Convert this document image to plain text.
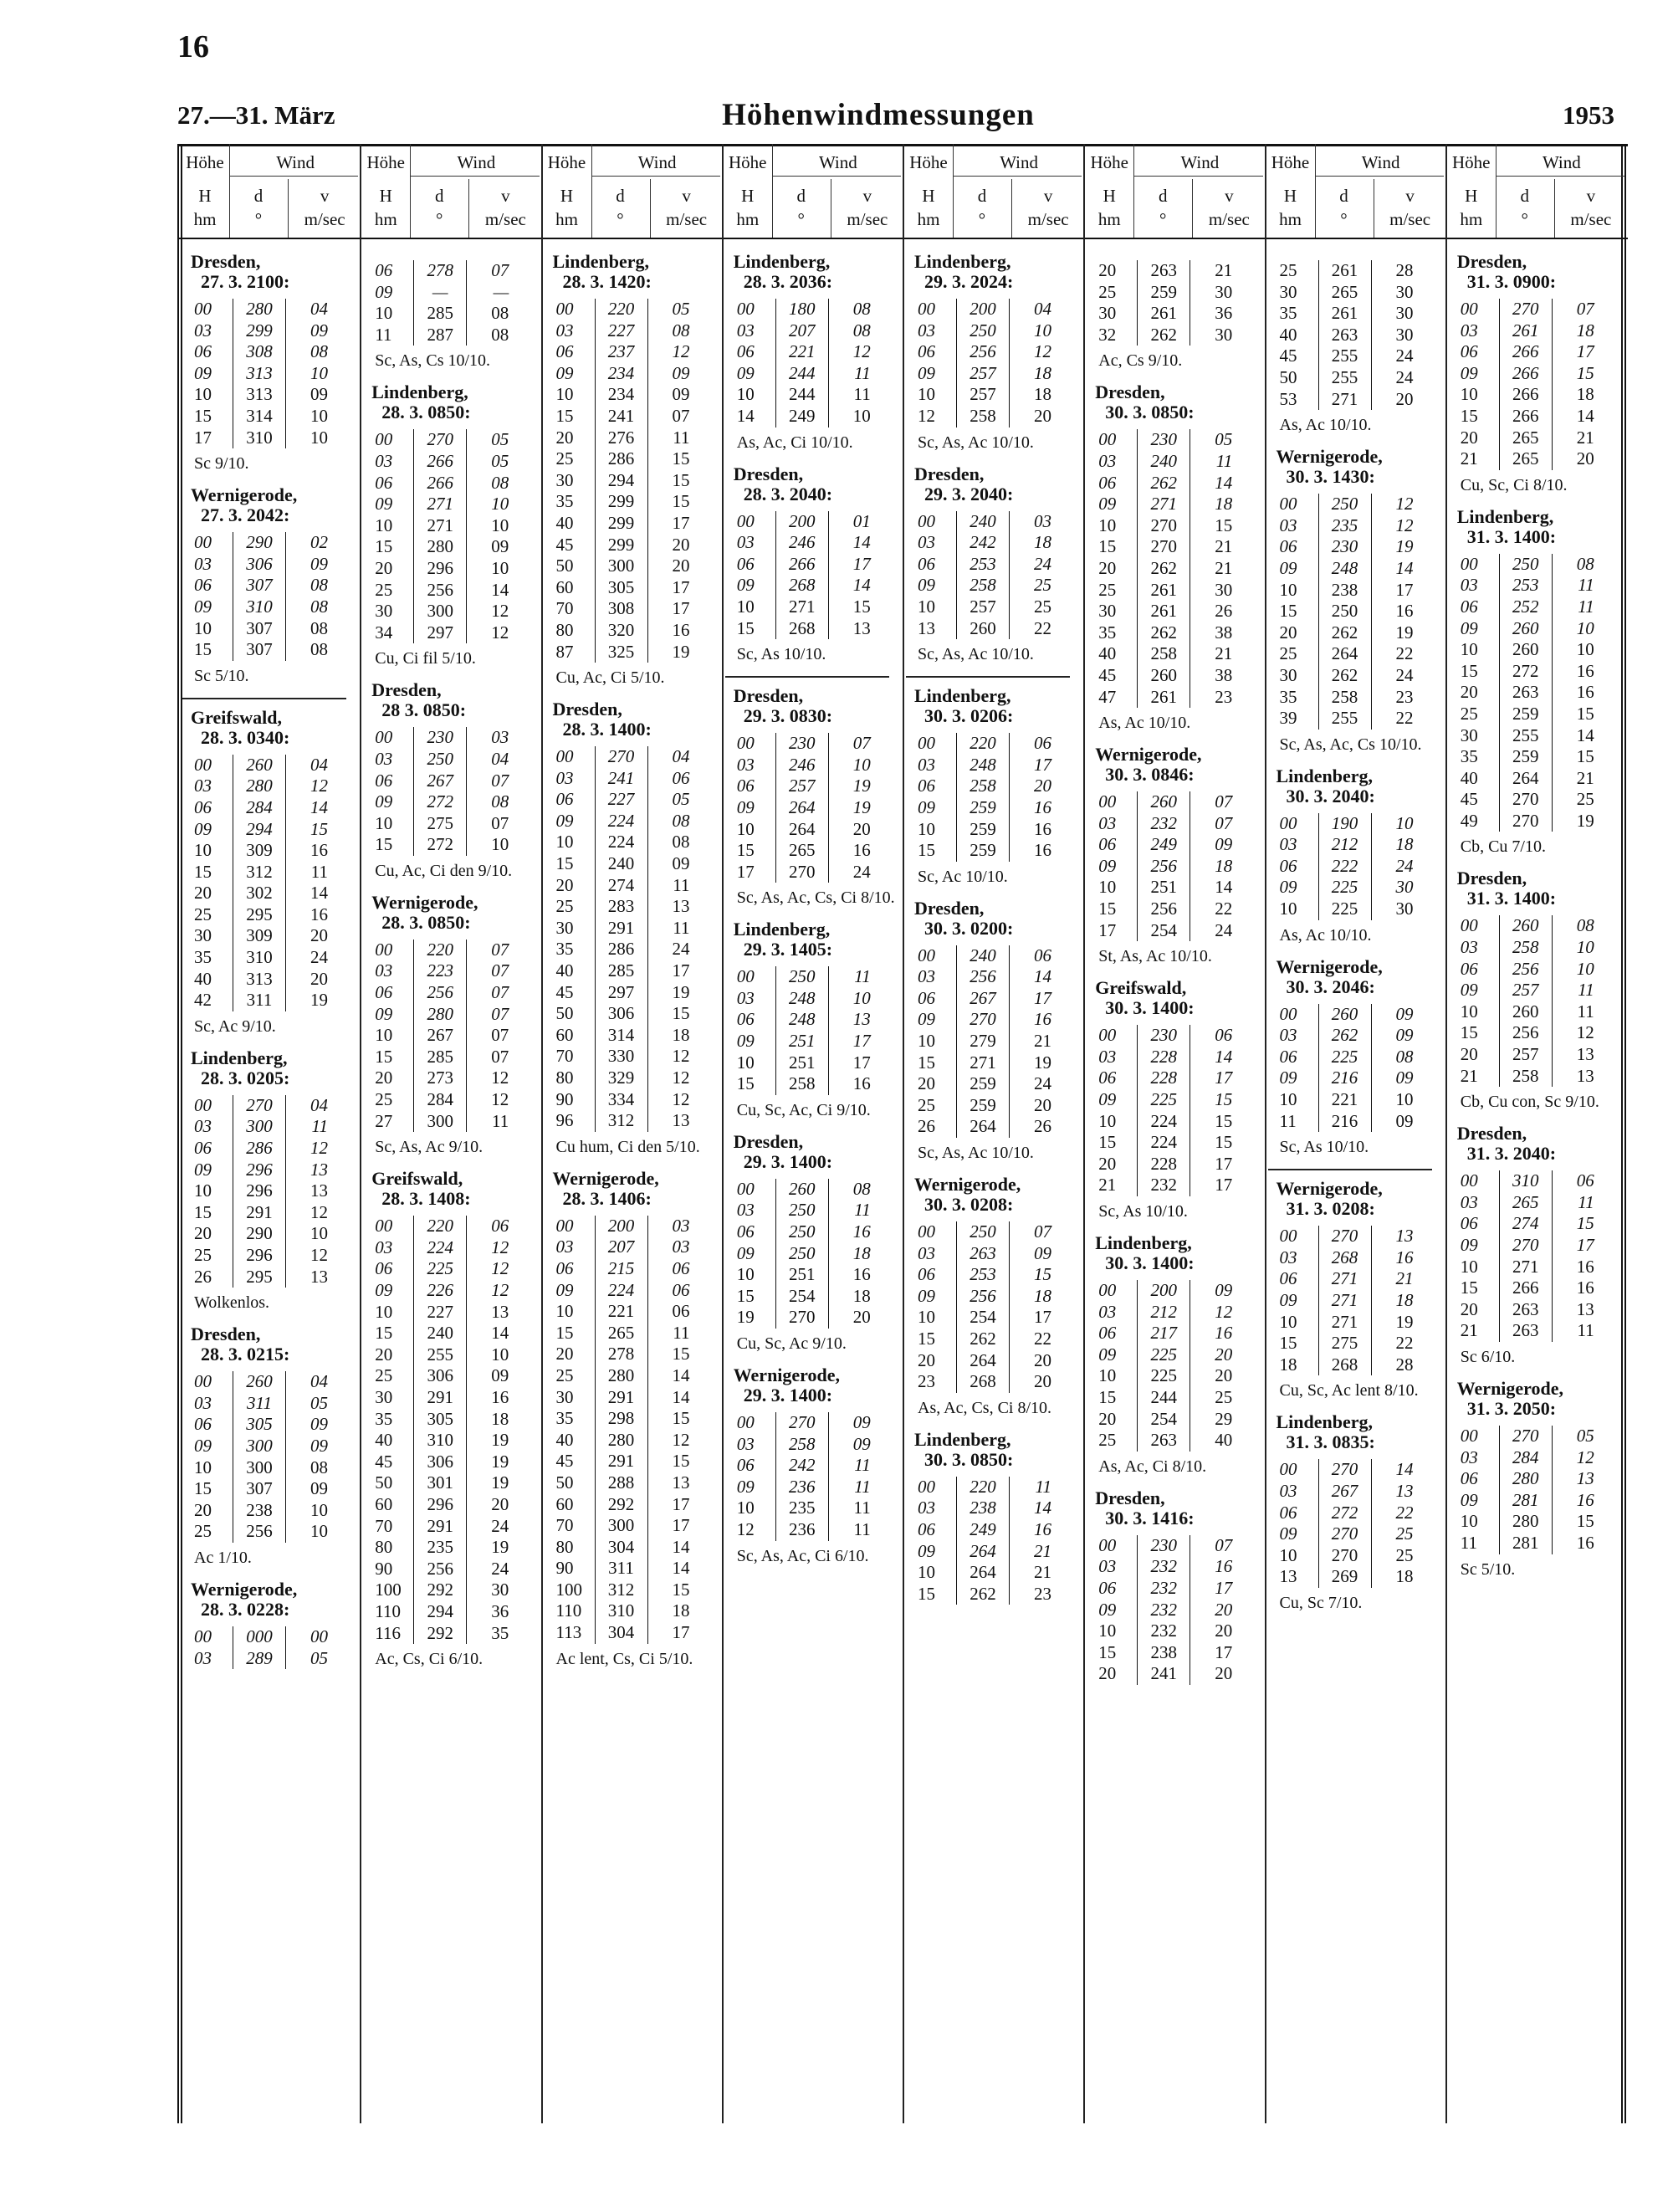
16
27.—31. März	Höhenwindmessungen	1953
Höhe	Wind
H
hm
d
°
v
m/sec
Dresden,
27. 3. 2100:
00	280	04
03	299	09
06	308	08
09	313	10
10	313	09
15	314	10
17	310	10
Sc 9/10.
Wernigerode,
27. 3. 2042:
00	290	02
03	306	09
06	307	08
09	310	08
10	307	08
15	307	08
Sc 5/10.
Greifswald,
28. 3. 0340:
00	260	04
03	280	12
06	284	14
09	294	15
10	309	16
15	312	11
20	302	14
25	295	16
30	309	20
35	310	24
40	313	20
42	311	19
Sc, Ac 9/10.
Lindenberg,
28. 3. 0205:
00	270	04
03	300	11
06	286	12
09	296	13
10	296	13
15	291	12
20	290	10
25	296	12
26	295	13
Wolkenlos.
Dresden,
28. 3. 0215:
00	260	04
03	311	05
06	305	09
09	300	09
10	300	08
15	307	09
20	238	10
25	256	10
Ac 1/10.
Wernigerode,
28. 3. 0228:
00	000	00
03	289	05
Höhe	Wind
H
hm
d
°
v
m/sec
06	278	07
09	—	—
10	285	08
11	287	08
Sc, As, Cs 10/10.
Lindenberg,
28. 3. 0850:
00	270	05
03	266	05
06	266	08
09	271	10
10	271	10
15	280	09
20	296	10
25	256	14
30	300	12
34	297	12
Cu, Ci fil 5/10.
Dresden,
28 3. 0850:
00	230	03
03	250	04
06	267	07
09	272	08
10	275	07
15	272	10
Cu, Ac, Ci den 9/10.
Wernigerode,
28. 3. 0850:
00	220	07
03	223	07
06	256	07
09	280	07
10	267	07
15	285	07
20	273	12
25	284	12
27	300	11
Sc, As, Ac 9/10.
Greifswald,
28. 3. 1408:
00	220	06
03	224	12
06	225	12
09	226	12
10	227	13
15	240	14
20	255	10
25	306	09
30	291	16
35	305	18
40	310	19
45	306	19
50	301	19
60	296	20
70	291	24
80	235	19
90	256	24
100	292	30
110	294	36
116	292	35
Ac, Cs, Ci 6/10.
Höhe	Wind
H
hm
d
°
v
m/sec
Lindenberg,
28. 3. 1420:
00	220	05
03	227	08
06	237	12
09	234	09
10	234	09
15	241	07
20	276	11
25	286	15
30	294	15
35	299	15
40	299	17
45	299	20
50	300	20
60	305	17
70	308	17
80	320	16
87	325	19
Cu, Ac, Ci 5/10.
Dresden,
28. 3. 1400:
00	270	04
03	241	06
06	227	05
09	224	08
10	224	08
15	240	09
20	274	11
25	283	13
30	291	11
35	286	24
40	285	17
45	297	19
50	306	15
60	314	18
70	330	12
80	329	12
90	334	12
96	312	13
Cu hum, Ci den 5/10.
Wernigerode,
28. 3. 1406:
00	200	03
03	207	03
06	215	06
09	224	06
10	221	06
15	265	11
20	278	15
25	280	14
30	291	14
35	298	15
40	280	12
45	291	15
50	288	13
60	292	17
70	300	17
80	304	14
90	311	14
100	312	15
110	310	18
113	304	17
Ac lent, Cs, Ci 5/10.
Höhe	Wind
H
hm
d
°
v
m/sec
Lindenberg,
28. 3. 2036:
00	180	08
03	207	08
06	221	12
09	244	11
10	244	11
14	249	10
As, Ac, Ci 10/10.
Dresden,
28. 3. 2040:
00	200	01
03	246	14
06	266	17
09	268	14
10	271	15
15	268	13
Sc, As 10/10.
Dresden,
29. 3. 0830:
00	230	07
03	246	10
06	257	19
09	264	19
10	264	20
15	265	16
17	270	24
Sc, As, Ac, Cs, Ci 8/10.
Lindenberg,
29. 3. 1405:
00	250	11
03	248	10
06	248	13
09	251	17
10	251	17
15	258	16
Cu, Sc, Ac, Ci 9/10.
Dresden,
29. 3. 1400:
00	260	08
03	250	11
06	250	16
09	250	18
10	251	16
15	254	18
19	270	20
Cu, Sc, Ac 9/10.
Wernigerode,
29. 3. 1400:
00	270	09
03	258	09
06	242	11
09	236	11
10	235	11
12	236	11
Sc, As, Ac, Ci 6/10.
Höhe	Wind
H
hm
d
°
v
m/sec
Lindenberg,
29. 3. 2024:
00	200	04
03	250	10
06	256	12
09	257	18
10	257	18
12	258	20
Sc, As, Ac 10/10.
Dresden,
29. 3. 2040:
00	240	03
03	242	18
06	253	24
09	258	25
10	257	25
13	260	22
Sc, As, Ac 10/10.
Lindenberg,
30. 3. 0206:
00	220	06
03	248	17
06	258	20
09	259	16
10	259	16
15	259	16
Sc, Ac 10/10.
Dresden,
30. 3. 0200:
00	240	06
03	256	14
06	267	17
09	270	16
10	279	21
15	271	19
20	259	24
25	259	20
26	264	26
Sc, As, Ac 10/10.
Wernigerode,
30. 3. 0208:
00	250	07
03	263	09
06	253	15
09	256	18
10	254	17
15	262	22
20	264	20
23	268	20
As, Ac, Cs, Ci 8/10.
Lindenberg,
30. 3. 0850:
00	220	11
03	238	14
06	249	16
09	264	21
10	264	21
15	262	23
Höhe	Wind
H
hm
d
°
v
m/sec
20	263	21
25	259	30
30	261	36
32	262	30
Ac, Cs 9/10.
Dresden,
30. 3. 0850:
00	230	05
03	240	11
06	262	14
09	271	18
10	270	15
15	270	21
20	262	21
25	261	30
30	261	26
35	262	38
40	258	21
45	260	38
47	261	23
As, Ac 10/10.
Wernigerode,
30. 3. 0846:
00	260	07
03	232	07
06	249	09
09	256	18
10	251	14
15	256	22
17	254	24
St, As, Ac 10/10.
Greifswald,
30. 3. 1400:
00	230	06
03	228	14
06	228	17
09	225	15
10	224	15
15	224	15
20	228	17
21	232	17
Sc, As 10/10.
Lindenberg,
30. 3. 1400:
00	200	09
03	212	12
06	217	16
09	225	20
10	225	20
15	244	25
20	254	29
25	263	40
As, Ac, Ci 8/10.
Dresden,
30. 3. 1416:
00	230	07
03	232	16
06	232	17
09	232	20
10	232	20
15	238	17
20	241	20
Höhe	Wind
H
hm
d
°
v
m/sec
25	261	28
30	265	30
35	261	30
40	263	30
45	255	24
50	255	24
53	271	20
As, Ac 10/10.
Wernigerode,
30. 3. 1430:
00	250	12
03	235	12
06	230	19
09	248	14
10	238	17
15	250	16
20	262	19
25	264	22
30	262	24
35	258	23
39	255	22
Sc, As, Ac, Cs 10/10.
Lindenberg,
30. 3. 2040:
00	190	10
03	212	18
06	222	24
09	225	30
10	225	30
As, Ac 10/10.
Wernigerode,
30. 3. 2046:
00	260	09
03	262	09
06	225	08
09	216	09
10	221	10
11	216	09
Sc, As 10/10.
Wernigerode,
31. 3. 0208:
00	270	13
03	268	16
06	271	21
09	271	18
10	271	19
15	275	22
18	268	28
Cu, Sc, Ac lent 8/10.
Lindenberg,
31. 3. 0835:
00	270	14
03	267	13
06	272	22
09	270	25
10	270	25
13	269	18
Cu, Sc 7/10.
Höhe	Wind
H
hm
d
°
v
m/sec
Dresden,
31. 3. 0900:
00	270	07
03	261	18
06	266	17
09	266	15
10	266	18
15	266	14
20	265	21
21	265	20
Cu, Sc, Ci 8/10.
Lindenberg,
31. 3. 1400:
00	250	08
03	253	11
06	252	11
09	260	10
10	260	10
15	272	16
20	263	16
25	259	15
30	255	14
35	259	15
40	264	21
45	270	25
49	270	19
Cb, Cu 7/10.
Dresden,
31. 3. 1400:
00	260	08
03	258	10
06	256	10
09	257	11
10	260	11
15	256	12
20	257	13
21	258	13
Cb, Cu con, Sc 9/10.
Dresden,
31. 3. 2040:
00	310	06
03	265	11
06	274	15
09	270	17
10	271	16
15	266	16
20	263	13
21	263	11
Sc 6/10.
Wernigerode,
31. 3. 2050:
00	270	05
03	284	12
06	280	13
09	281	16
10	280	15
11	281	16
Sc 5/10.
